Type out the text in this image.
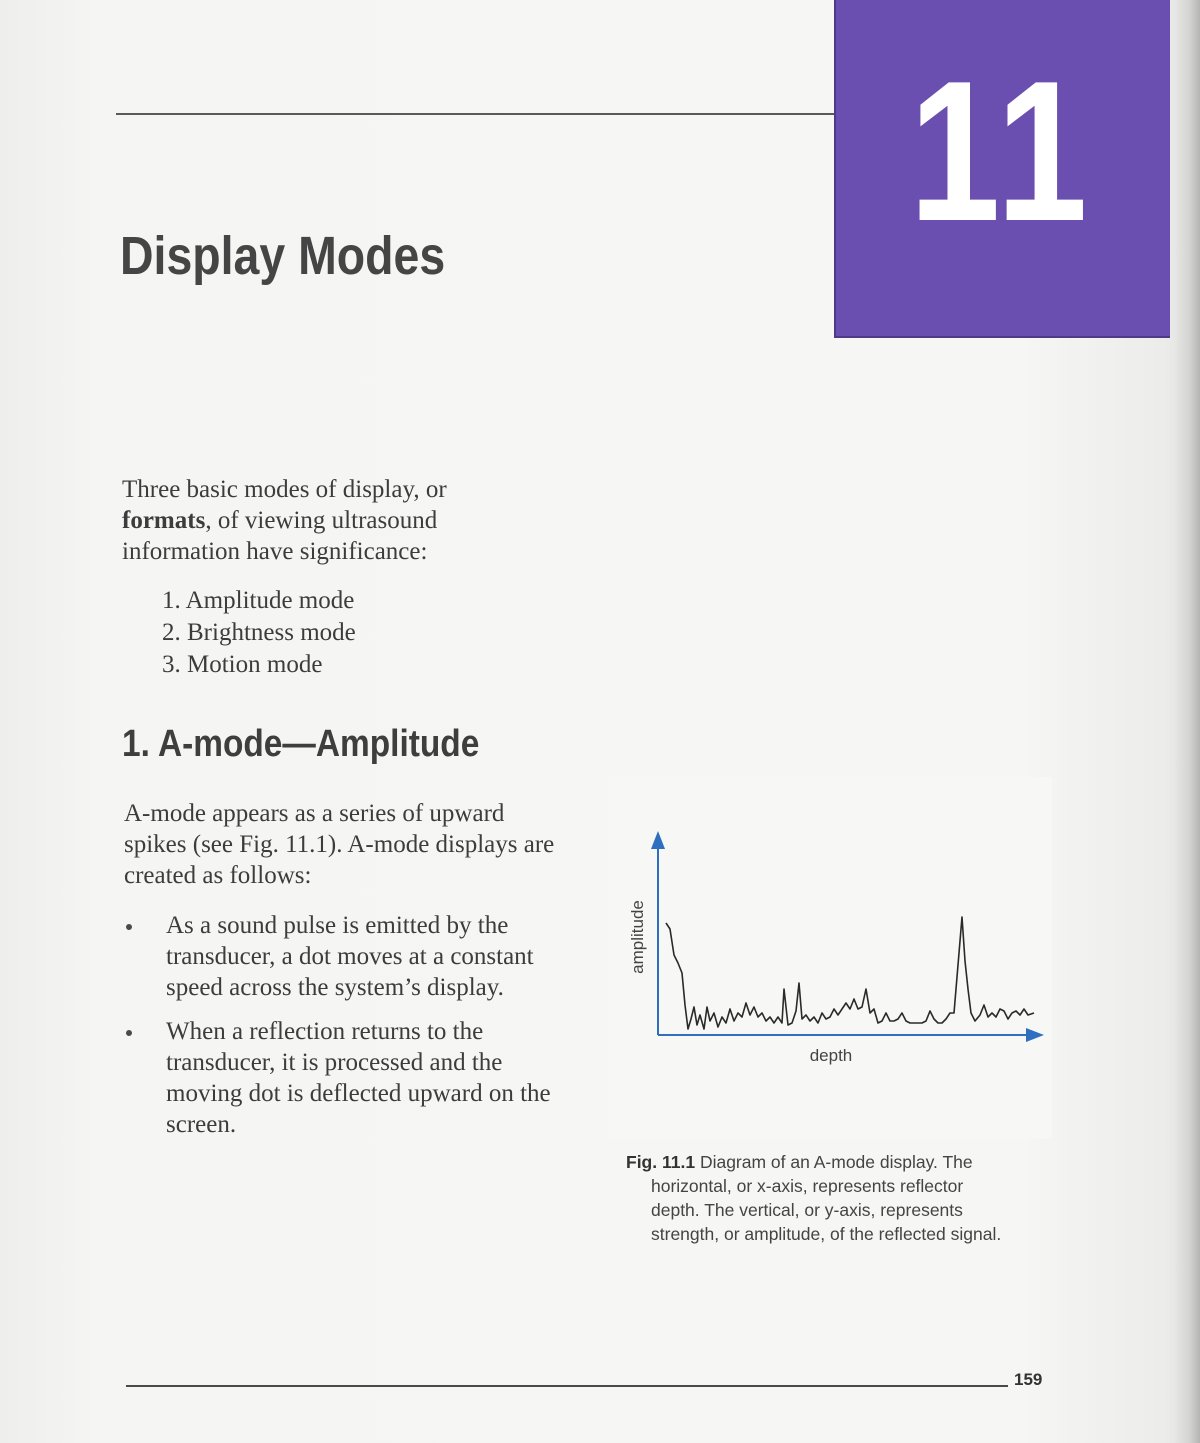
11
Display Modes
Three basic modes of display, or formats, of viewing ultrasound information have significance:
1. Amplitude mode
2. Brightness mode
3. Motion mode
1. A-mode—Amplitude
A-mode appears as a series of upward spikes (see Fig. 11.1). A-mode displays are created as follows:
As a sound pulse is emitted by the transducer, a dot moves at a constant speed across the system’s display.
When a reflection returns to the transducer, it is processed and the moving dot is deflected upward on the screen.
amplitude
depth
Fig. 11.1 Diagram of an A-mode display. The
horizontal, or x-axis, represents reflector
depth. The vertical, or y-axis, represents
strength, or amplitude, of the reflected signal.
159
